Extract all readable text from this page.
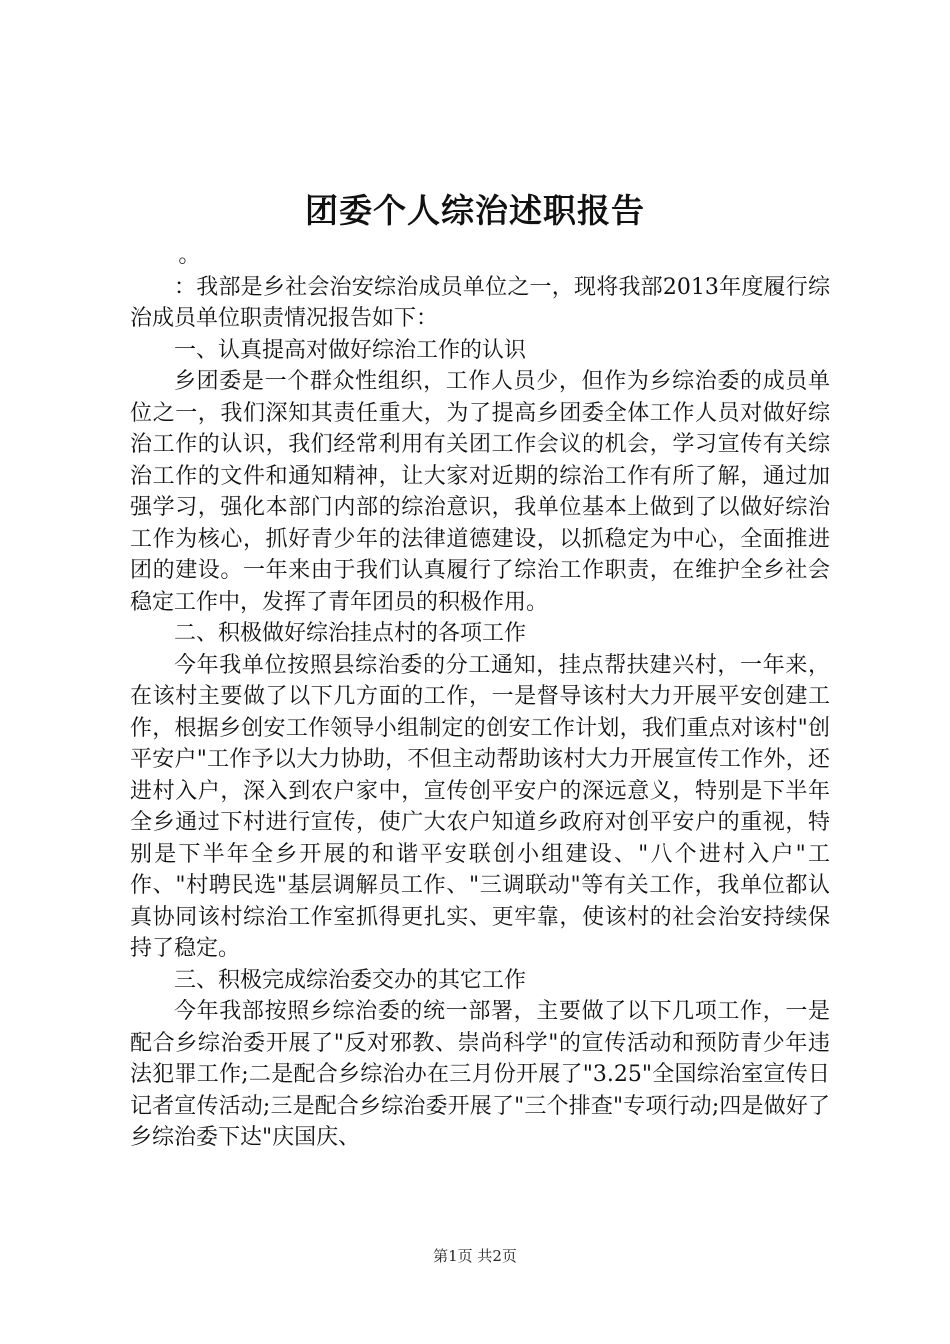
团委个人综治述职报告

。

：我部是乡社会治安综治成员单位之一，现将我部2013年度履行综治成员单位职责情况报告如下：

一、认真提高对做好综治工作的认识

乡团委是一个群众性组织，工作人员少，但作为乡综治委的成员单位之一，我们深知其责任重大，为了提高乡团委全体工作人员对做好综治工作的认识，我们经常利用有关团工作会议的机会，学习宣传有关综治工作的文件和通知精神，让大家对近期的综治工作有所了解，通过加强学习，强化本部门内部的综治意识，我单位基本上做到了以做好综治工作为核心，抓好青少年的法律道德建设，以抓稳定为中心，全面推进团的建设。一年来由于我们认真履行了综治工作职责，在维护全乡社会稳定工作中，发挥了青年团员的积极作用。

二、积极做好综治挂点村的各项工作

今年我单位按照县综治委的分工通知，挂点帮扶建兴村，一年来，在该村主要做了以下几方面的工作，一是督导该村大力开展平安创建工作，根据乡创安工作领导小组制定的创安工作计划，我们重点对该村"创平安户"工作予以大力协助，不但主动帮助该村大力开展宣传工作外，还进村入户，深入到农户家中，宣传创平安户的深远意义，特别是下半年全乡通过下村进行宣传，使广大农户知道乡政府对创平安户的重视，特别是下半年全乡开展的和谐平安联创小组建设、"八个进村入户"工作、"村聘民选"基层调解员工作、"三调联动"等有关工作，我单位都认真协同该村综治工作室抓得更扎实、更牢靠，使该村的社会治安持续保持了稳定。

三、积极完成综治委交办的其它工作

今年我部按照乡综治委的统一部署，主要做了以下几项工作，一是配合乡综治委开展了"反对邪教、崇尚科学"的宣传活动和预防青少年违法犯罪工作;二是配合乡综治办在三月份开展了"3.25"全国综治室宣传日记者宣传活动;三是配合乡综治委开展了"三个排查"专项行动;四是做好了乡综治委下达"庆国庆、

第1页 共2页
